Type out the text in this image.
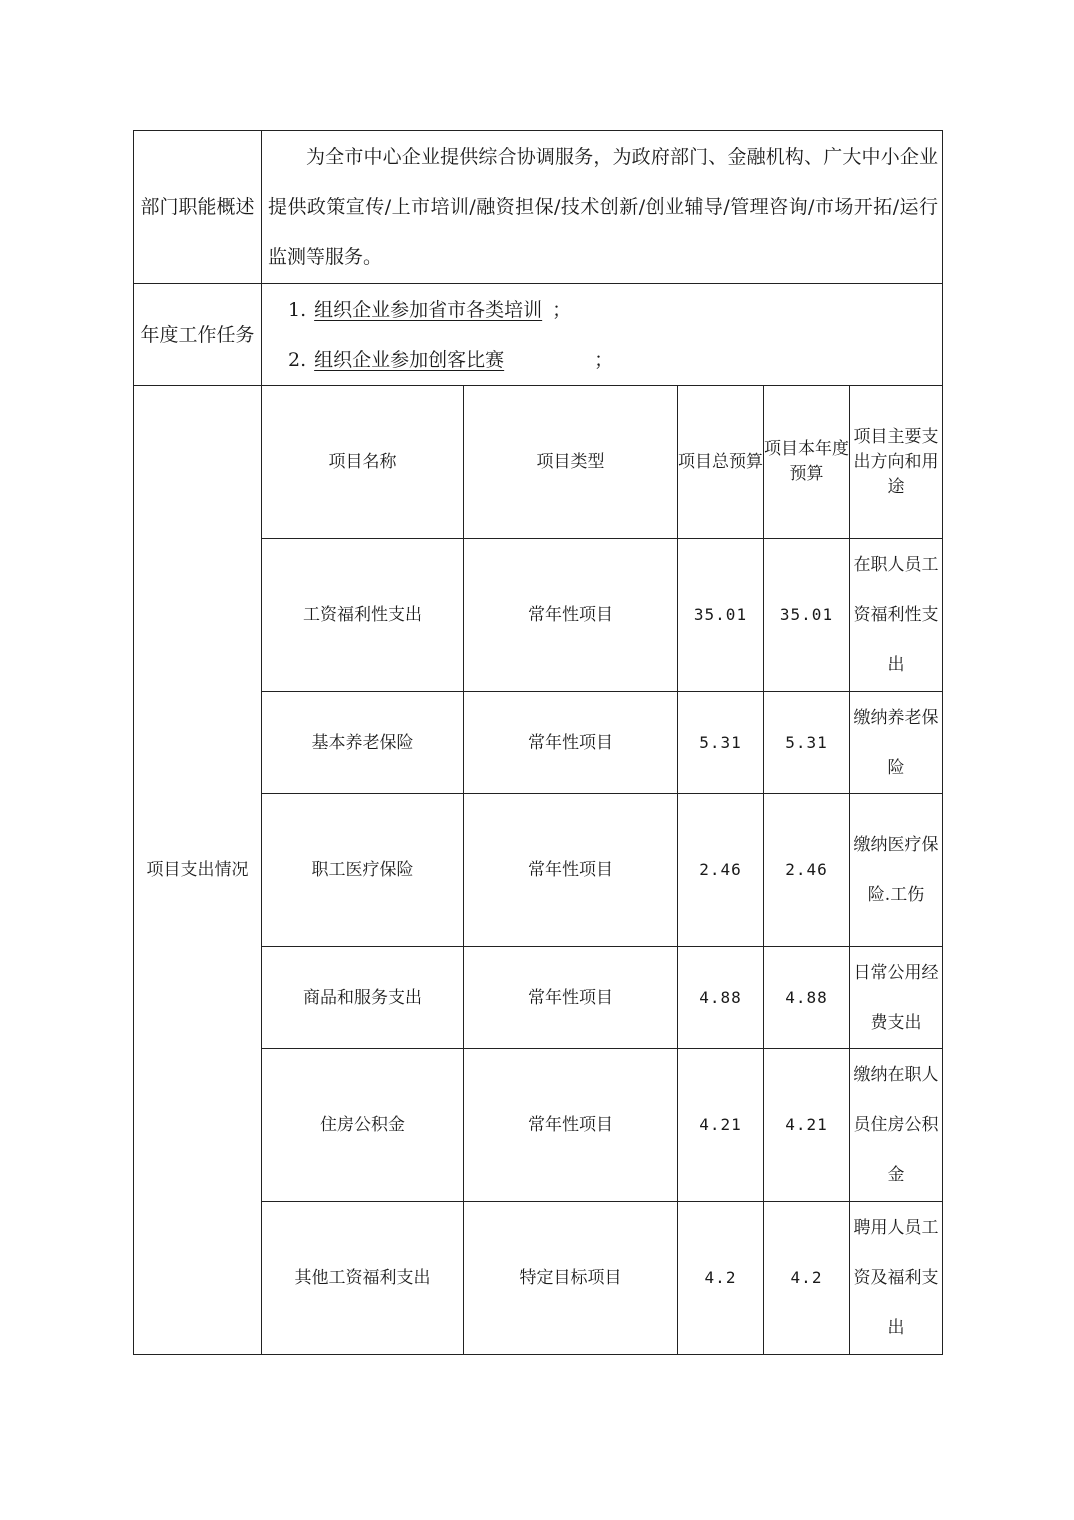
部门职能概述	为全市中心企业提供综合协调服务，为政府部门、金融机构、广大中小企业提供政策宣传/上市培训/融资担保/技术创新/创业辅导/管理咨询/市场开拓/运行监测等服务。				
年度工作任务	1. 组织企业参加省市各类培训 ；
2. 组织企业参加创客比赛 ；				

项目支出情况	项目名称	项目类型	项目总预算	项目本年度预算	项目主要支出方向和用途
	工资福利性支出	常年性项目	35.01	35.01	在职人员工资福利性支出
	基本养老保险	常年性项目	5.31	5.31	缴纳养老保险
	职工医疗保险	常年性项目	2.46	2.46	缴纳医疗保险.工伤
	商品和服务支出	常年性项目	4.88	4.88	日常公用经费支出
	住房公积金	常年性项目	4.21	4.21	缴纳在职人员住房公积金
	其他工资福利支出	特定目标项目	4.2	4.2	聘用人员工资及福利支出
